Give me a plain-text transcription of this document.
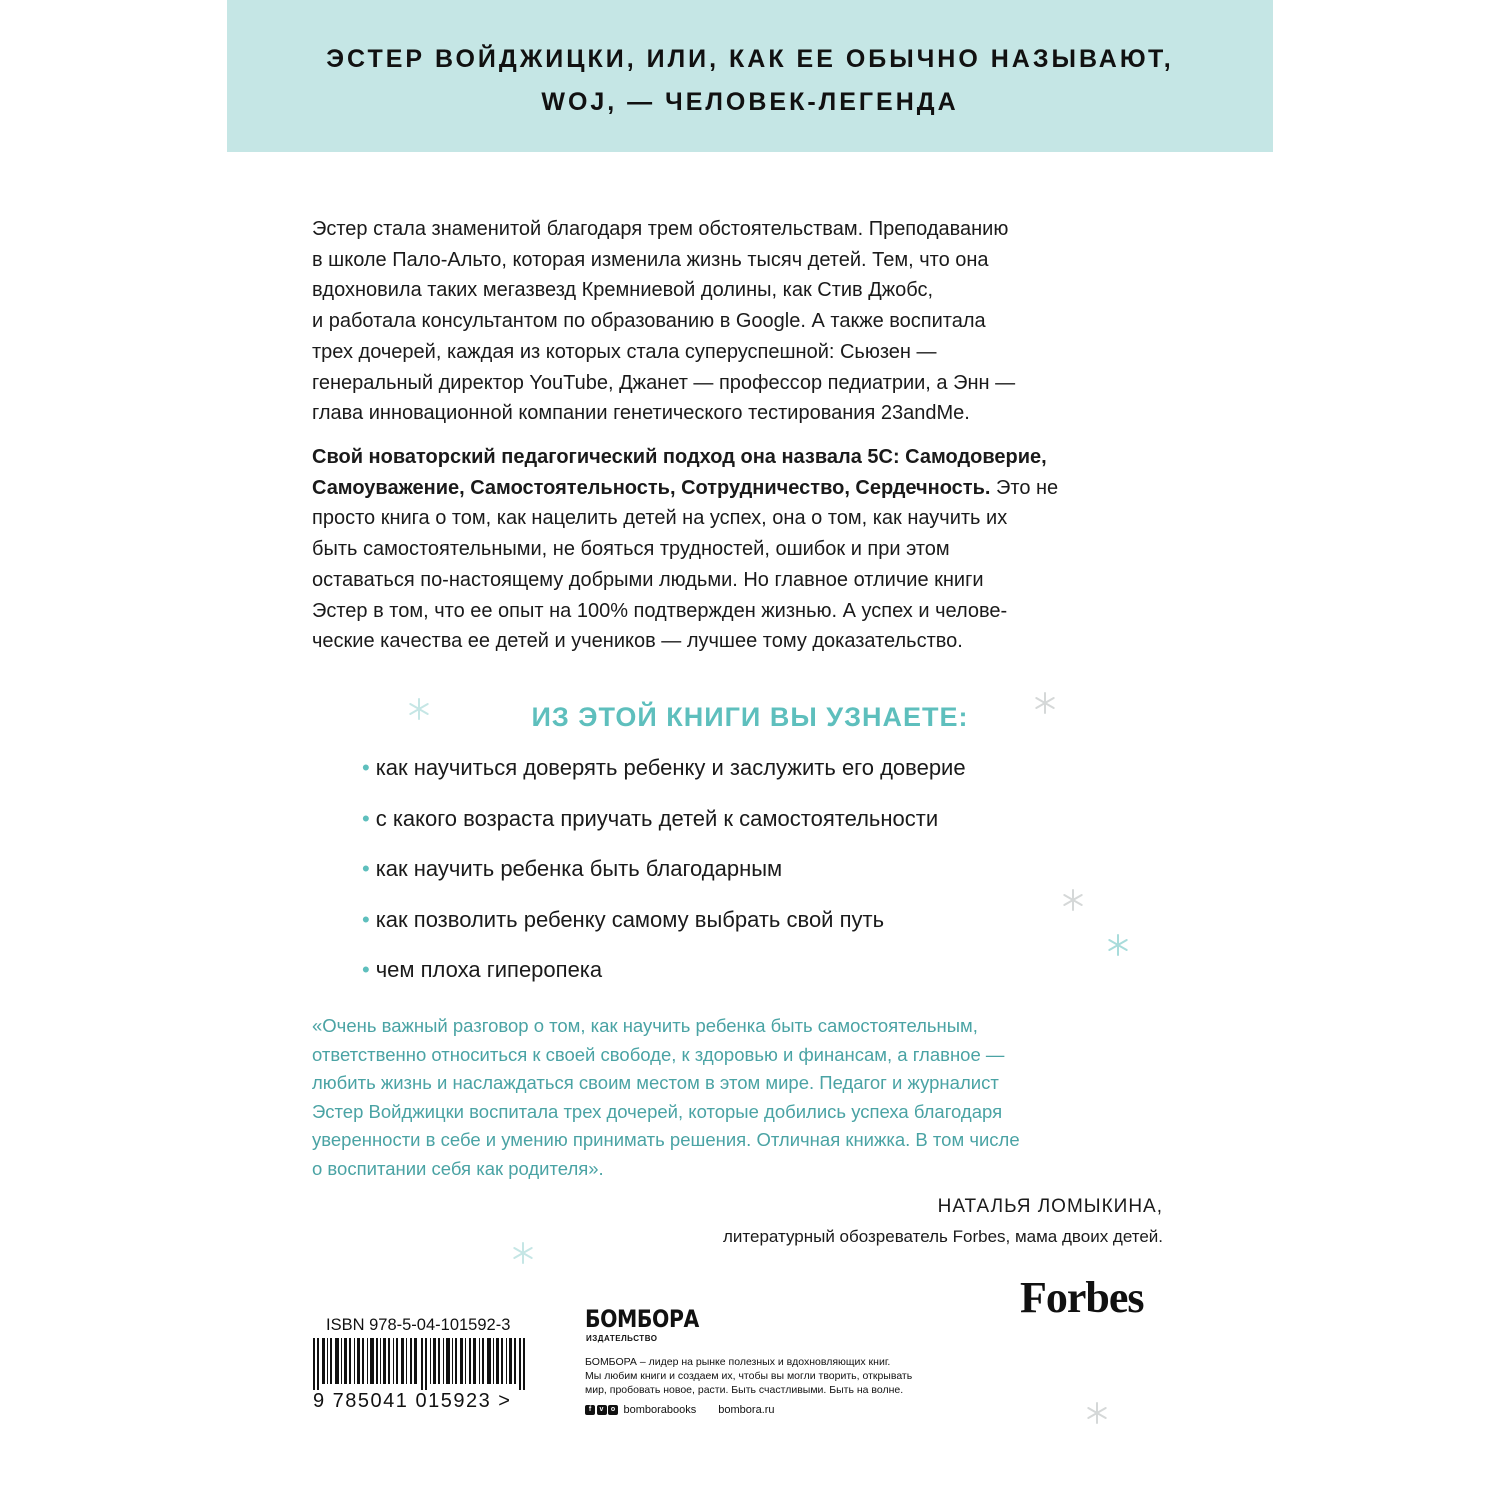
ЭСТЕР ВОЙДЖИЦКИ, ИЛИ, КАК ЕЕ ОБЫЧНО НАЗЫВАЮТ,
WOJ, — ЧЕЛОВЕК-ЛЕГЕНДА
Эстер стала знаменитой благодаря трем обстоятельствам. Преподаванию
в школе Пало-Альто, которая изменила жизнь тысяч детей. Тем, что она
вдохновила таких мегазвезд Кремниевой долины, как Стив Джобс,
и работала консультантом по образованию в Google. А также воспитала
трех дочерей, каждая из которых стала суперуспешной: Сьюзен —
генеральный директор YouTube, Джанет — профессор педиатрии, а Энн —
глава инновационной компании генетического тестирования 23andMe.
Свой новаторский педагогический подход она назвала 5С: Самодоверие,
Самоуважение, Самостоятельность, Сотрудничество, Сердечность. Это не
просто книга о том, как нацелить детей на успех, она о том, как научить их
быть самостоятельными, не бояться трудностей, ошибок и при этом
оставаться по-настоящему добрыми людьми. Но главное отличие книги
Эстер в том, что ее опыт на 100% подтвержден жизнью. А успех и челове-
ческие качества ее детей и учеников — лучшее тому доказательство.
ИЗ ЭТОЙ КНИГИ ВЫ УЗНАЕТЕ:
• как научиться доверять ребенку и заслужить его доверие
• с какого возраста приучать детей к самостоятельности
• как научить ребенка быть благодарным
• как позволить ребенку самому выбрать свой путь
• чем плоха гиперопека
«Очень важный разговор о том, как научить ребенка быть самостоятельным,
ответственно относиться к своей свободе, к здоровью и финансам, а главное —
любить жизнь и наслаждаться своим местом в этом мире. Педагог и журналист
Эстер Войджицки воспитала трех дочерей, которые добились успеха благодаря
уверенности в себе и умению принимать решения. Отличная книжка. В том числе
о воспитании себя как родителя».
НАТАЛЬЯ ЛОМЫКИНА,
литературный обозреватель Forbes, мама двоих детей.
Forbes
ISBN 978-5-04-101592-3
9 785041 015923 >
БОМБОРА
ИЗДАТЕЛЬСТВО
БОМБОРА – лидер на рынке полезных и вдохновляющих книг.
Мы любим книги и создаем их, чтобы вы могли творить, открывать
мир, пробовать новое, расти. Быть счастливыми. Быть на волне.
f	v	o bomborabooks bombora.ru
